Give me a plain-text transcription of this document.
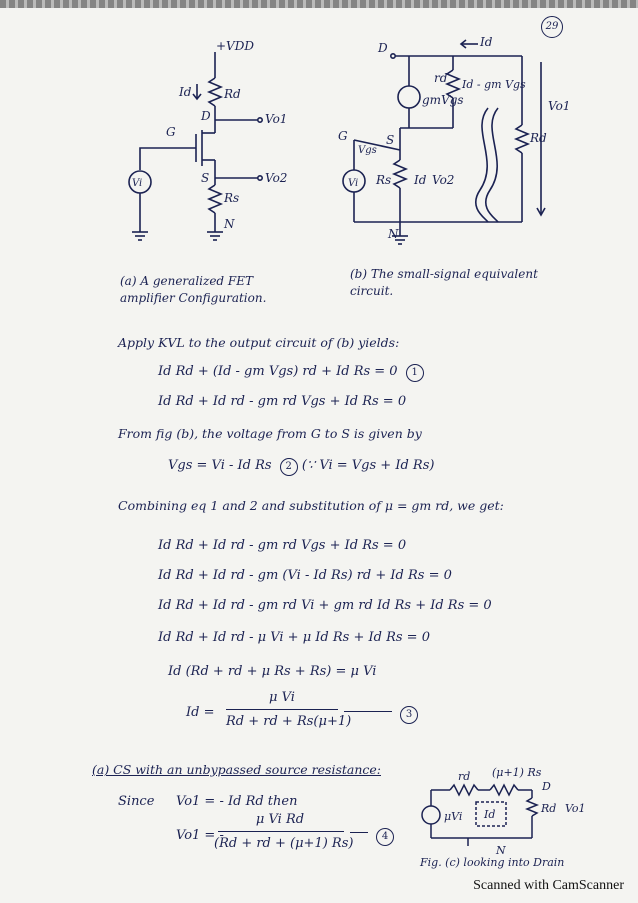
29
+VDD
Id	Rd
D	Vo1
G
S	Vo2
Rs
N
Vi
(a) A generalized FET amplifier Configuration.
D	Id
rd Id - gm Vgs
gmVgs	Vo1
G
Vgs
S
Vi Rs Id Vo2
N
Rd
(b) The small-signal equivalent circuit.
Apply KVL to the output circuit of (b) yields:
Id Rd + (Id - gm Vgs) rd + Id Rs = 0 1
Id Rd + Id rd - gm rd Vgs + Id Rs = 0
From fig (b), the voltage from G to S is given by
Vgs = Vi - Id Rs 2 (∵ Vi = Vgs + Id Rs)
Combining eq 1 and 2 and substitution of μ = gm rd, we get:
Id Rd + Id rd - gm rd Vgs + Id Rs = 0
Id Rd + Id rd - gm (Vi - Id Rs) rd + Id Rs = 0
Id Rd + Id rd - gm rd Vi + gm rd Id Rs + Id Rs = 0
Id Rd + Id rd - μ Vi + μ Id Rs + Id Rs = 0
Id (Rd + rd + μ Rs + Rs) = μ Vi
Id =
μ Vi
Rd + rd + Rs(μ+1)	3
(a) CS with an unbypassed source resistance:
Since Vo1 = - Id Rd then
Vo1 = -
μ Vi Rd
(Rd + rd + (μ+1) Rs)	4
rd (μ+1) Rs
D
μVi Id	Rd Vo1
N
Fig. (c) looking into Drain
Scanned with CamScanner
